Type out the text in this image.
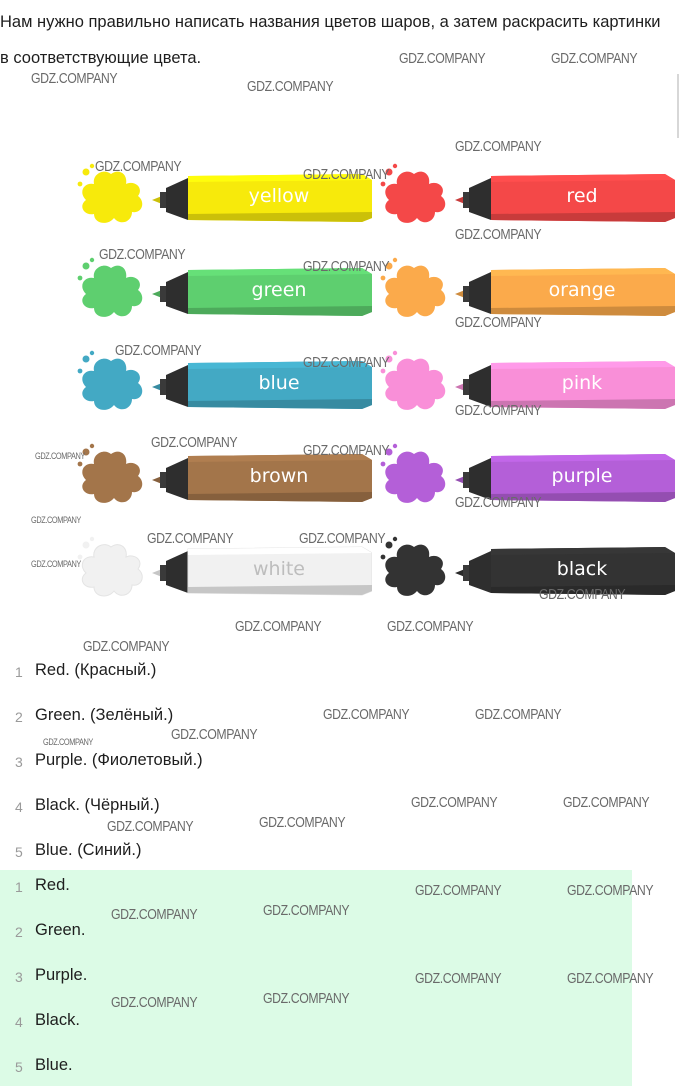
Нам нужно правильно написать названия цветов шаров, а затем раскрасить картинки в соответствующие цвета.

yellow	red
green	orange
blue	pink
brown	purple
white	black
1 Red. (Красный.)
2 Green. (Зелёный.)
3 Purple. (Фиолетовый.)
4 Black. (Чёрный.)
5 Blue. (Синий.)
1 Red.
2 Green.
3 Purple.
4 Black.
5 Blue.
GDZ.COMPANY	GDZ.COMPANY
GDZ.COMPANY	GDZ.COMPANY
GDZ.COMPANY
GDZ.COMPANY	GDZ.COMPANY
GDZ.COMPANY
GDZ.COMPANY
GDZ.COMPANY
GDZ.COMPANY
GDZ.COMPANY
GDZ.COMPANY
GDZ.COMPANY
GDZ.COMPANY	GDZ.COMPANY
GDZ.COMPANY
GDZ.COMPANY
GDZ.COMPANY
GDZ.COMPANY	GDZ.COMPANY
GDZ.COMPANY
GDZ.COMPANY
GDZ.COMPANY	GDZ.COMPANY
GDZ.COMPANY
GDZ.COMPANY	GDZ.COMPANY
GDZ.COMPANY
GDZ.COMPANY
GDZ.COMPANY	GDZ.COMPANY
GDZ.COMPANY	GDZ.COMPANY
GDZ.COMPANY	GDZ.COMPANY
GDZ.COMPANY	GDZ.COMPANY
GDZ.COMPANY	GDZ.COMPANY
GDZ.COMPANY	GDZ.COMPANY
